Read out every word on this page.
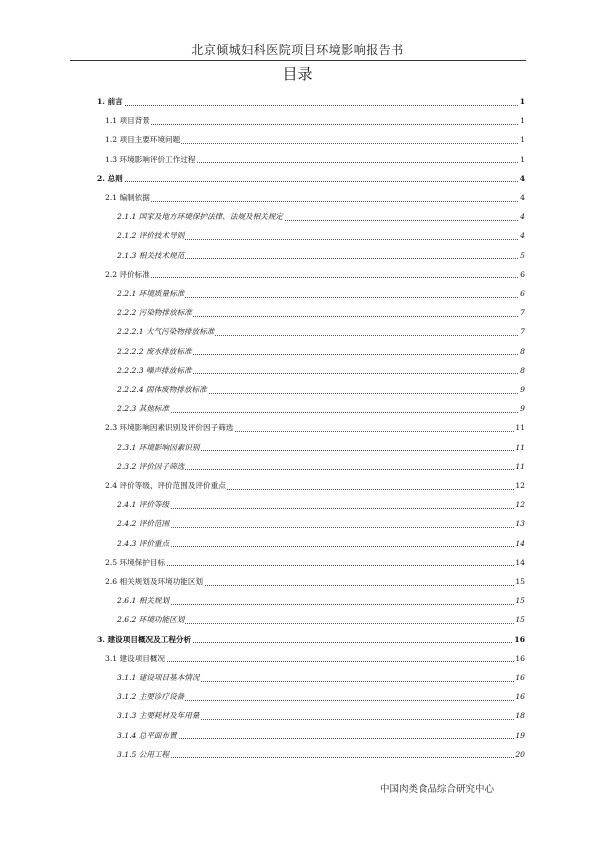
北京倾城妇科医院项目环境影响报告书
目录
1. 前言	1
1.1 项目背景	1
1.2 项目主要环境问题	1
1.3 环境影响评价工作过程	1
2. 总则	4
2.1 编制依据	4
2.1.1 国家及地方环境保护法律、法规及相关规定	4
2.1.2 评价技术导则	4
2.1.3 相关技术规范	5
2.2 评价标准	6
2.2.1 环境质量标准	6
2.2.2 污染物排放标准	7
2.2.2.1 大气污染物排放标准	7
2.2.2.2 废水排放标准	8
2.2.2.3 噪声排放标准	8
2.2.2.4 固体废物排放标准	9
2.2.3 其他标准	9
2.3 环境影响因素识别及评价因子筛选	11
2.3.1 环境影响因素识别	11
2.3.2 评价因子筛选	11
2.4 评价等级、评价范围及评价重点	12
2.4.1 评价等级	12
2.4.2 评价范围	13
2.4.3 评价重点	14
2.5 环境保护目标	14
2.6 相关规划及环境功能区划	15
2.6.1 相关规划	15
2.6.2 环境功能区划	15
3. 建设项目概况及工程分析	16
3.1 建设项目概况	16
3.1.1 建设项目基本情况	16
3.1.2 主要诊疗设备	16
3.1.3 主要耗材及年用量	18
3.1.4 总平面布置	19
3.1.5 公用工程	20
中国肉类食品综合研究中心
